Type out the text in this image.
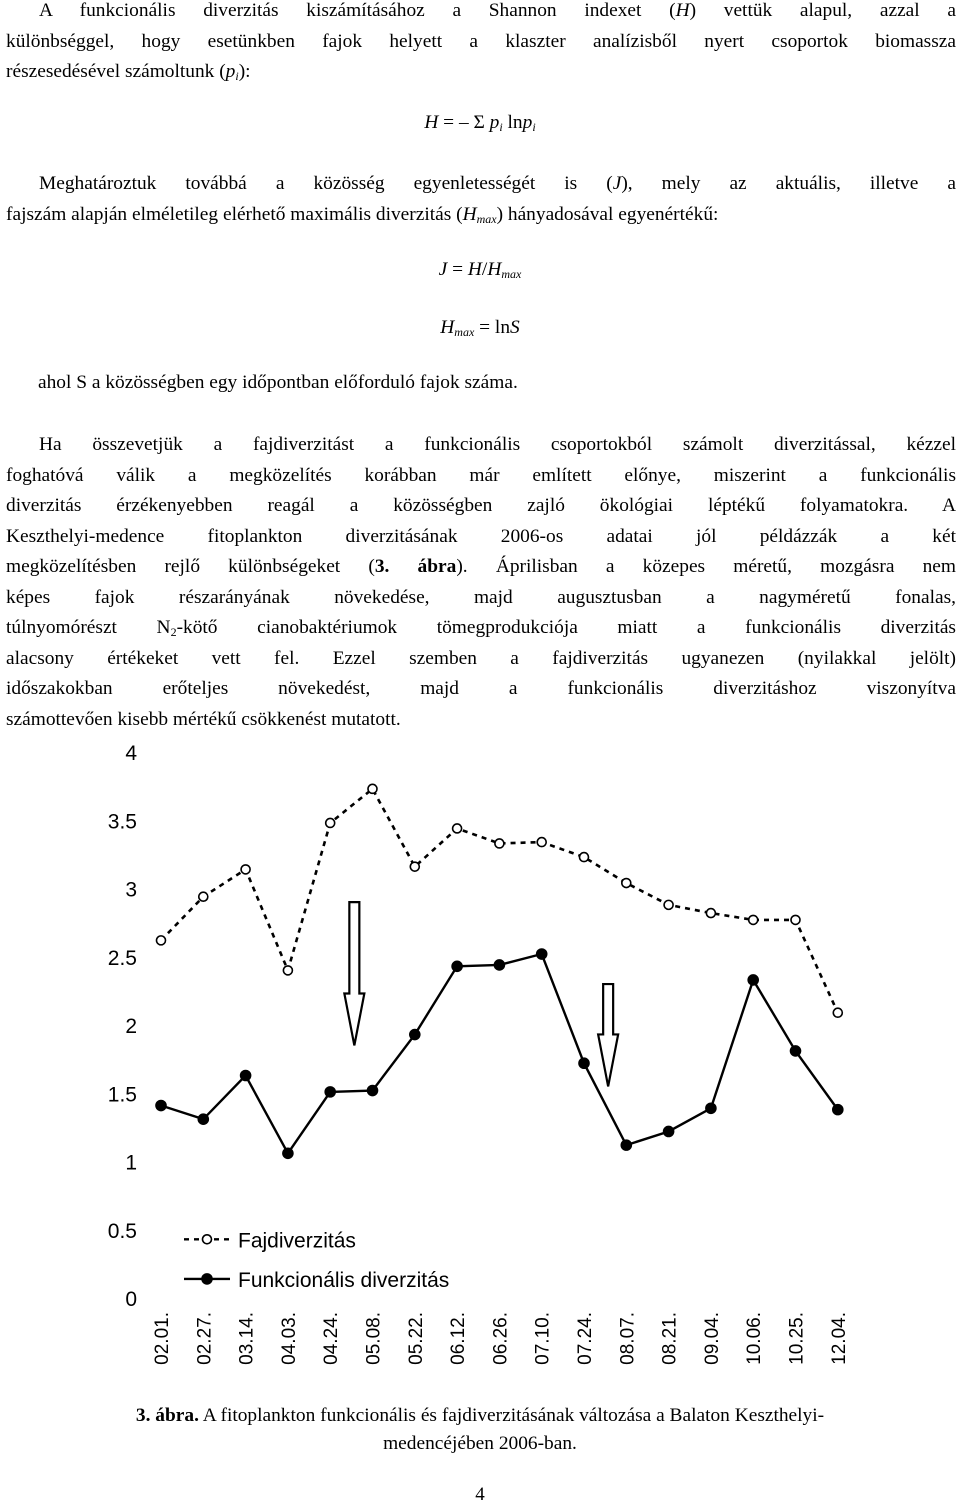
A funkcionális diverzitás kiszámításához a Shannon indexet (H) vettük alapul, azzal a
különbséggel, hogy esetünkben fajok helyett a klaszter analízisből nyert csoportok biomassza
részesedésével számoltunk $(p_i)$:
H = – Σ $p_i$ lnp$_i$
Meghatároztuk továbbá a közösség egyenletességét is (J), mely az aktuális, illetve a
fajszám alapján elméletileg elérhető maximális diverzitás $(H_{max})$ hányadosával egyenértékű:
$J = H/H_{max}$
$H_{max} = \ln S$
ahol S a közösségben egy időpontban előforduló fajok száma.
Ha összevetjük a fajdiverzitást a funkcionális csoportokból számolt diverzitással, kézzel
foghatóvá válik a megközelítés korábban már említett előnye, miszerint a funkcionális
diverzitás érzékenyebben reagál a közösségben zajló ökológiai léptékű folyamatokra. A
Keszthelyi-medence fitoplankton diverzitásának 2006-os adatai jól példázzák a két
megközelítésben rejlő különbségeket (3. ábra). Áprilisban a közepes méretű, mozgásra nem
képes fajok részarányának növekedése, majd augusztusban a nagyméretű fonalas,
túlnyomórészt $N_2$-kötő cianobaktériumok tömegprodukciója miatt a funkcionális diverzitás
alacsony értékeket vett fel. Ezzel szemben a fajdiverzitás ugyanezen (nyilakkal jelölt)
időszakokban erőteljes növekedést, majd a funkcionális diverzitáshoz viszonyítva
számottevően kisebb mértékű csökkenést mutatott.
0
0.5
1
1.5
2
2.5
3
3.5
4
02.01. 02.27. 03.14. 04.03. 04.24. 05.08. 05.22. 06.12. 06.26. 07.10. 07.24. 08.07. 08.21. 09.04. 10.06. 10.25. 12.04.
Fajdiverzitás
Funkcionális diverzitás
3. ábra. A fitoplankton funkcionális és fajdiverzitásának változása a Balaton Keszthelyi-
medencéjében 2006-ban.
4
